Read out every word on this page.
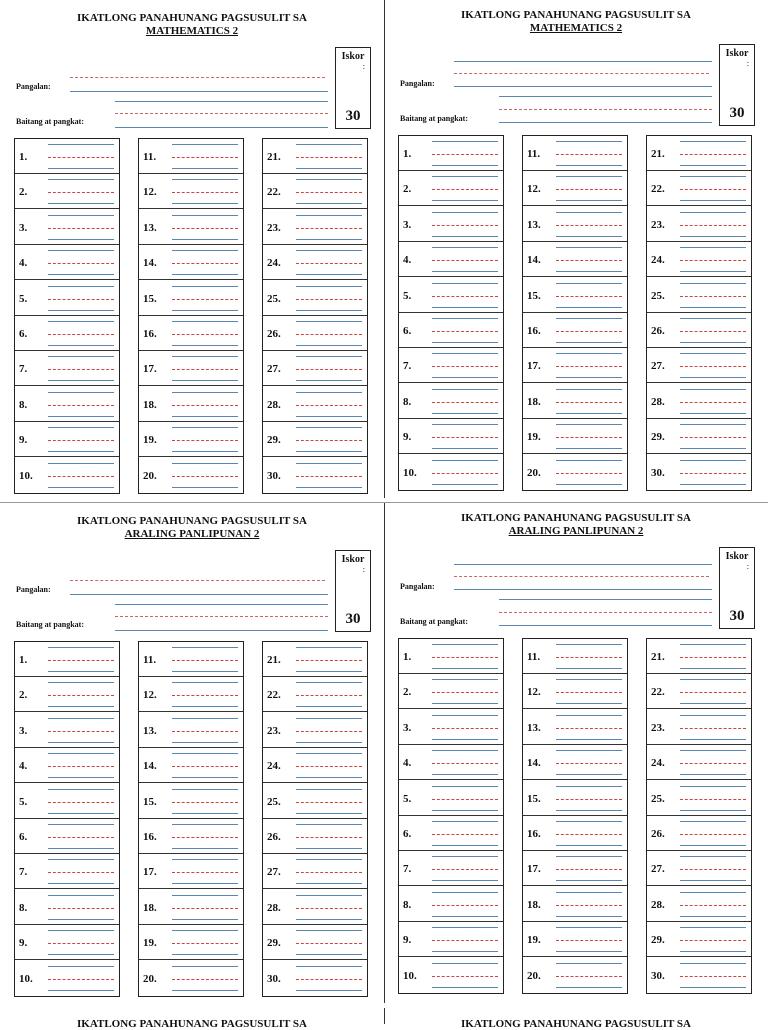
IKATLONG PANAHUNANG PAGSUSULIT SA
MATHEMATICS 2
Iskor
:
30
Pangalan:
Baitang at pangkat:
1.
2.
3.
4.
5.
6.
7.
8.
9.
10.
11.
12.
13.
14.
15.
16.
17.
18.
19.
20.
21.
22.
23.
24.
25.
26.
27.
28.
29.
30.
IKATLONG PANAHUNANG PAGSUSULIT SA
MATHEMATICS 2
Iskor
:
30
Pangalan:
Baitang at pangkat:
1.
2.
3.
4.
5.
6.
7.
8.
9.
10.
11.
12.
13.
14.
15.
16.
17.
18.
19.
20.
21.
22.
23.
24.
25.
26.
27.
28.
29.
30.
IKATLONG PANAHUNANG PAGSUSULIT SA
ARALING PANLIPUNAN 2
Iskor
:
30
Pangalan:
Baitang at pangkat:
1.
2.
3.
4.
5.
6.
7.
8.
9.
10.
11.
12.
13.
14.
15.
16.
17.
18.
19.
20.
21.
22.
23.
24.
25.
26.
27.
28.
29.
30.
IKATLONG PANAHUNANG PAGSUSULIT SA
ARALING PANLIPUNAN 2
Iskor
:
30
Pangalan:
Baitang at pangkat:
1.
2.
3.
4.
5.
6.
7.
8.
9.
10.
11.
12.
13.
14.
15.
16.
17.
18.
19.
20.
21.
22.
23.
24.
25.
26.
27.
28.
29.
30.
IKATLONG PANAHUNANG PAGSUSULIT SA	IKATLONG PANAHUNANG PAGSUSULIT SA
